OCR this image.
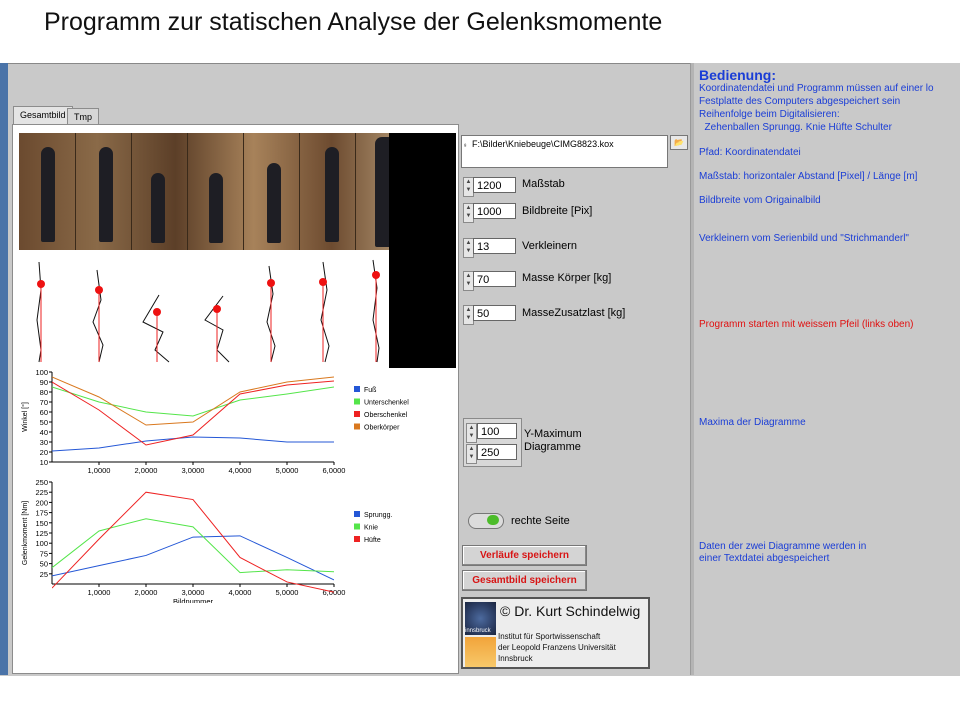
Programm zur statischen Analyse der Gelenksmomente
Gesamtbild Tmp
10
20
30
40
50
60
70
80
90
100
1,0000	2,0000	3,0000	4,0000	5,0000	6,0000
Winkel [°]
Fuß
Unterschenkel
Oberschenkel
Oberkörper
25
50
75
100
125
150
175
200
225
250
1,0000	2,0000	3,0000	4,0000	5,0000	6,0000
Gelenkmoment [Nm]
Bildnummer
Sprungg.
Knie
Hüfte
⁸ F:\Bilder\Kniebeuge\CIMG8823.kox	📂
▲
▼ 1200	Maßstab
▲
▼ 1000	Bildbreite [Pix]
▲
▼ 13	Verkleinern
▲
▼ 70	Masse Körper [kg]
▲
▼ 50	MasseZusatzlast [kg]
▲
▼ 100
▲
▼ 250
Y-Maximum
Diagramme
rechte Seite
Verläufe speichern
Gesamtbild speichern
innsbruck
© Dr. Kurt Schindelwig
Institut für Sportwissenschaft
der Leopold Franzens Universität
Innsbruck
Bedienung:
Koordinatendatei und Programm müssen auf einer lo
Festplatte des Computers abgespeichert sein
Reihenfolge beim Digitalisieren:
Zehenballen Sprungg. Knie Hüfte Schulter
Pfad: Koordinatendatei
Maßstab: horizontaler Abstand [Pixel] / Länge [m]
Bildbreite vom Origainalbild
Verkleinern vom Serienbild und "Strichmanderl"
Programm starten mit weissem Pfeil (links oben)
Maxima der Diagramme
Daten der zwei Diagramme werden in
einer Textdatei abgespeichert
